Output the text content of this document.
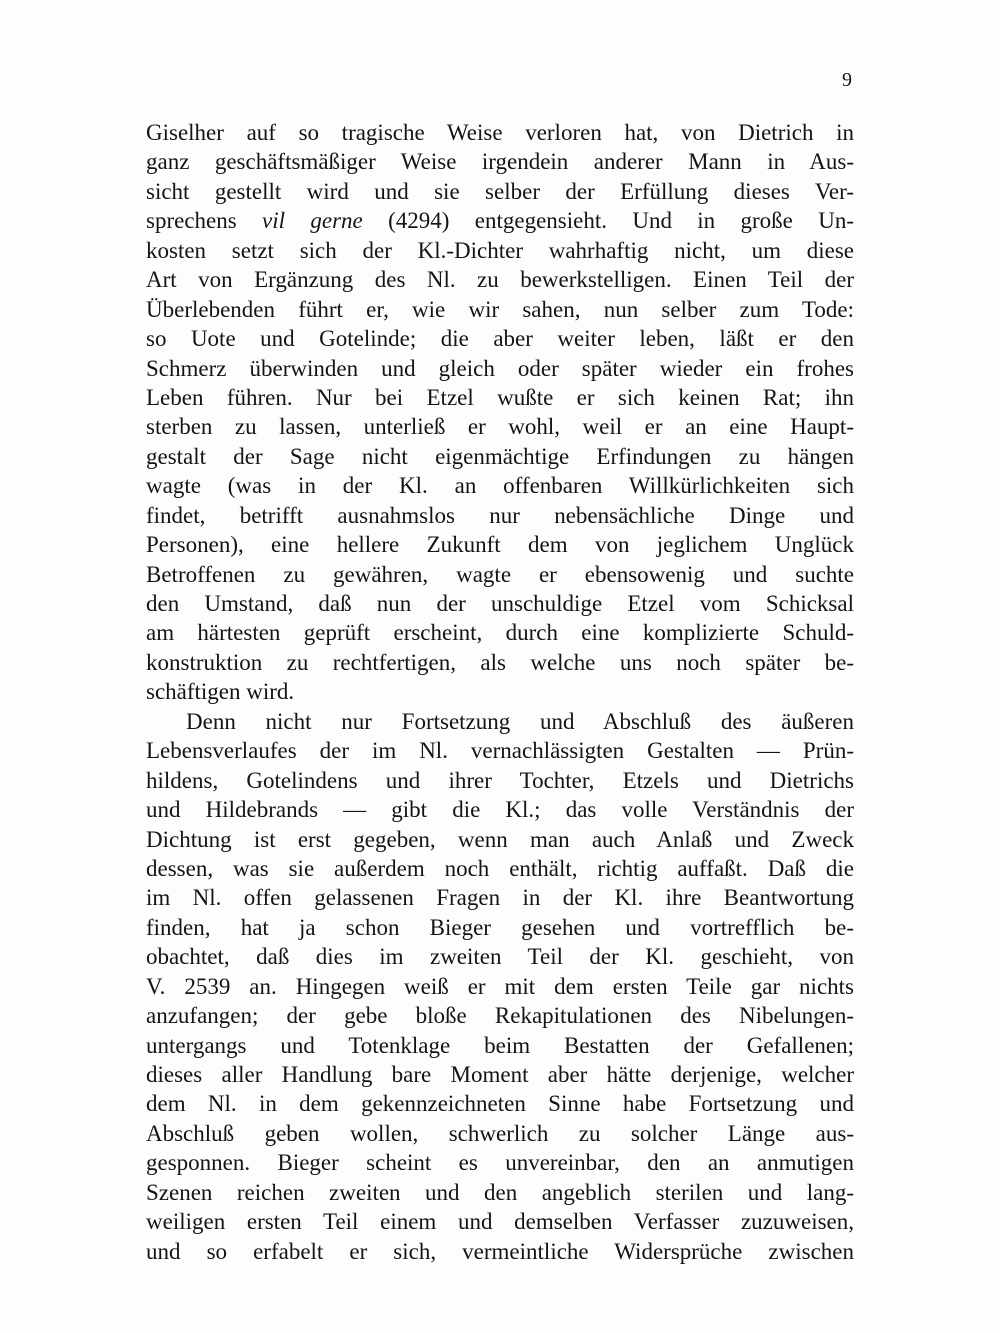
9
Giselher auf so tragische Weise verloren hat, von Dietrich in
ganz geschäftsmäßiger Weise irgendein anderer Mann in Aus-
sicht gestellt wird und sie selber der Erfüllung dieses Ver-
sprechens vil gerne (4294) entgegensieht. Und in große Un-
kosten setzt sich der Kl.-Dichter wahrhaftig nicht, um diese
Art von Ergänzung des Nl. zu bewerkstelligen. Einen Teil der
Überlebenden führt er, wie wir sahen, nun selber zum Tode:
so Uote und Gotelinde; die aber weiter leben, läßt er den
Schmerz überwinden und gleich oder später wieder ein frohes
Leben führen. Nur bei Etzel wußte er sich keinen Rat; ihn
sterben zu lassen, unterließ er wohl, weil er an eine Haupt-
gestalt der Sage nicht eigenmächtige Erfindungen zu hängen
wagte (was in der Kl. an offenbaren Willkürlichkeiten sich
findet, betrifft ausnahmslos nur nebensächliche Dinge und
Personen), eine hellere Zukunft dem von jeglichem Unglück
Betroffenen zu gewähren, wagte er ebensowenig und suchte
den Umstand, daß nun der unschuldige Etzel vom Schicksal
am härtesten geprüft erscheint, durch eine komplizierte Schuld-
konstruktion zu rechtfertigen, als welche uns noch später be-
schäftigen wird.
Denn nicht nur Fortsetzung und Abschluß des äußeren
Lebensverlaufes der im Nl. vernachlässigten Gestalten — Prün-
hildens, Gotelindens und ihrer Tochter, Etzels und Dietrichs
und Hildebrands — gibt die Kl.; das volle Verständnis der
Dichtung ist erst gegeben, wenn man auch Anlaß und Zweck
dessen, was sie außerdem noch enthält, richtig auffaßt. Daß die
im Nl. offen gelassenen Fragen in der Kl. ihre Beantwortung
finden, hat ja schon Bieger gesehen und vortrefflich be-
obachtet, daß dies im zweiten Teil der Kl. geschieht, von
V. 2539 an. Hingegen weiß er mit dem ersten Teile gar nichts
anzufangen; der gebe bloße Rekapitulationen des Nibelungen-
untergangs und Totenklage beim Bestatten der Gefallenen;
dieses aller Handlung bare Moment aber hätte derjenige, welcher
dem Nl. in dem gekennzeichneten Sinne habe Fortsetzung und
Abschluß geben wollen, schwerlich zu solcher Länge aus-
gesponnen. Bieger scheint es unvereinbar, den an anmutigen
Szenen reichen zweiten und den angeblich sterilen und lang-
weiligen ersten Teil einem und demselben Verfasser zuzuweisen,
und so erfabelt er sich, vermeintliche Widersprüche zwischen
